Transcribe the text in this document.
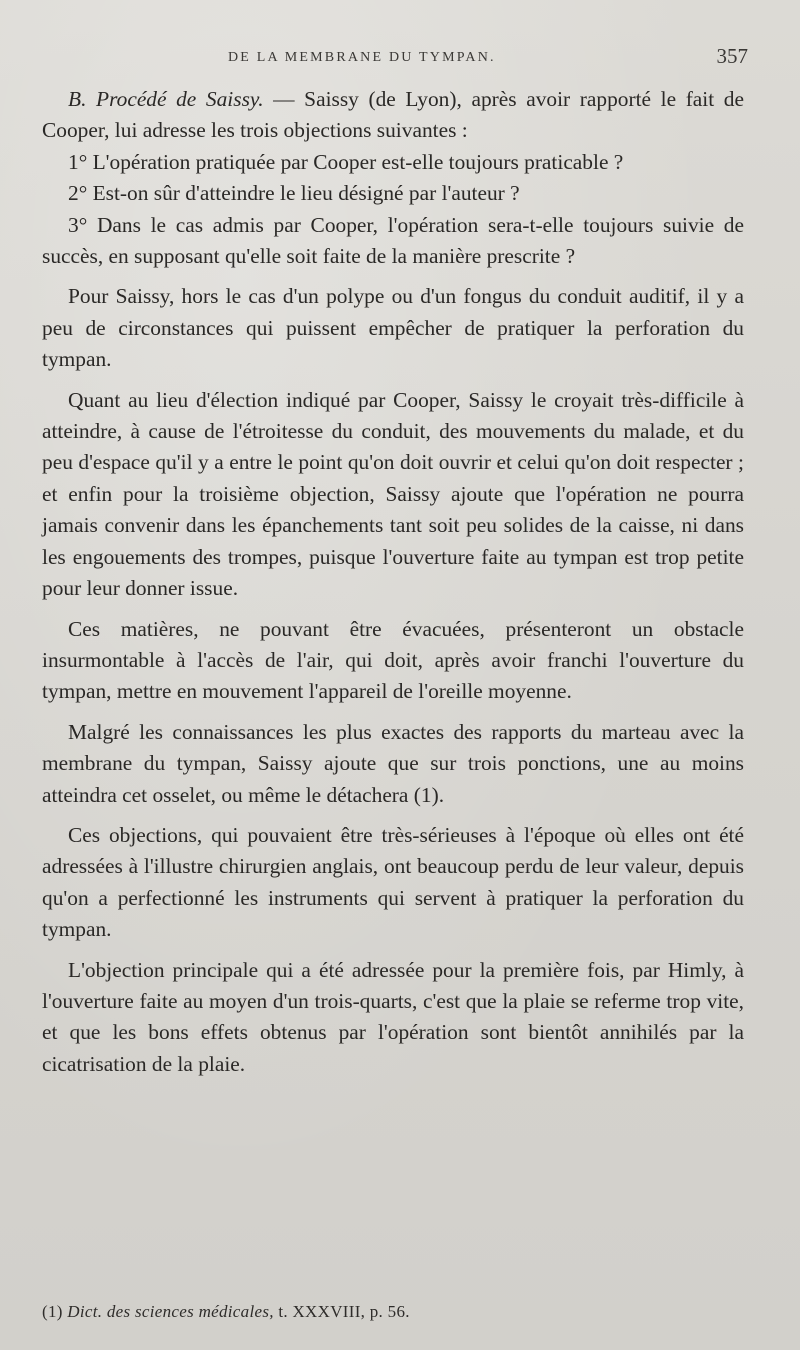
DE LA MEMBRANE DU TYMPAN.	357

B. Procédé de Saissy. — Saissy (de Lyon), après avoir rapporté le fait de Cooper, lui adresse les trois objections suivantes :

1° L'opération pratiquée par Cooper est-elle toujours praticable ?

2° Est-on sûr d'atteindre le lieu désigné par l'auteur ?

3° Dans le cas admis par Cooper, l'opération sera-t-elle toujours suivie de succès, en supposant qu'elle soit faite de la manière prescrite ?

Pour Saissy, hors le cas d'un polype ou d'un fongus du conduit auditif, il y a peu de circonstances qui puissent empêcher de pratiquer la perforation du tympan.

Quant au lieu d'élection indiqué par Cooper, Saissy le croyait très-difficile à atteindre, à cause de l'étroitesse du conduit, des mouvements du malade, et du peu d'espace qu'il y a entre le point qu'on doit ouvrir et celui qu'on doit respecter ; et enfin pour la troisième objection, Saissy ajoute que l'opération ne pourra jamais convenir dans les épanchements tant soit peu solides de la caisse, ni dans les engouements des trompes, puisque l'ouverture faite au tympan est trop petite pour leur donner issue.

Ces matières, ne pouvant être évacuées, présenteront un obstacle insurmontable à l'accès de l'air, qui doit, après avoir franchi l'ouverture du tympan, mettre en mouvement l'appareil de l'oreille moyenne.

Malgré les connaissances les plus exactes des rapports du marteau avec la membrane du tympan, Saissy ajoute que sur trois ponctions, une au moins atteindra cet osselet, ou même le détachera (1).

Ces objections, qui pouvaient être très-sérieuses à l'époque où elles ont été adressées à l'illustre chirurgien anglais, ont beaucoup perdu de leur valeur, depuis qu'on a perfectionné les instruments qui servent à pratiquer la perforation du tympan.

L'objection principale qui a été adressée pour la première fois, par Himly, à l'ouverture faite au moyen d'un trois-quarts, c'est que la plaie se referme trop vite, et que les bons effets obtenus par l'opération sont bientôt annihilés par la cicatrisation de la plaie.

(1) Dict. des sciences médicales, t. XXXVIII, p. 56.
